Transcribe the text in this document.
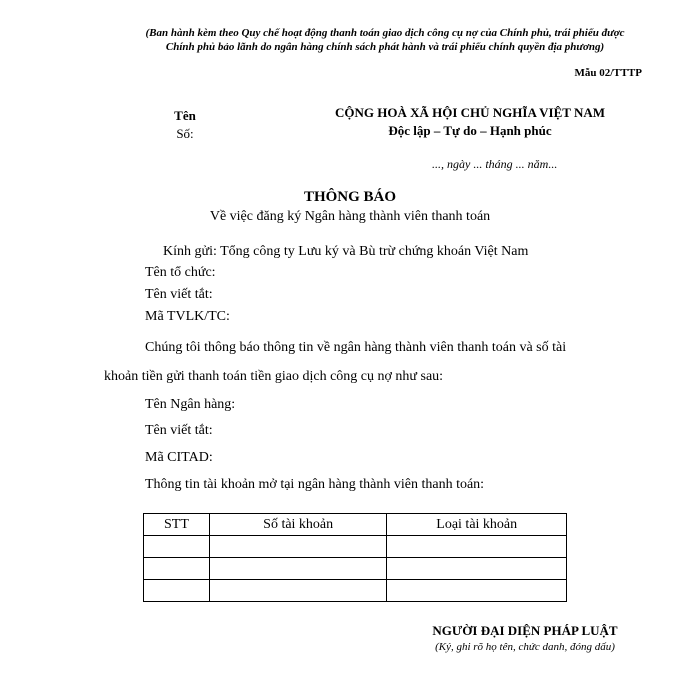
(Ban hành kèm theo Quy chế hoạt động thanh toán giao dịch công cụ nợ của Chính phủ, trái phiếu được
Chính phủ bảo lãnh do ngân hàng chính sách phát hành và trái phiếu chính quyền địa phương)
Mẫu 02/TTTP
Tên
Số:
CỘNG HOÀ XÃ HỘI CHỦ NGHĨA VIỆT NAM
Độc lập – Tự do – Hạnh phúc
..., ngày ... tháng ... năm...
THÔNG BÁO
Về việc đăng ký Ngân hàng thành viên thanh toán
Kính gửi: Tổng công ty Lưu ký và Bù trừ chứng khoán Việt Nam
Tên tổ chức:
Tên viết tắt:
Mã TVLK/TC:
Chúng tôi thông báo thông tin về ngân hàng thành viên thanh toán và số tài
khoản tiền gửi thanh toán tiền giao dịch công cụ nợ như sau:
Tên Ngân hàng:
Tên viết tắt:
Mã CITAD:
Thông tin tài khoản mở tại ngân hàng thành viên thanh toán:
STT	Số tài khoản	Loại tài khoản

NGƯỜI ĐẠI DIỆN PHÁP LUẬT
(Ký, ghi rõ họ tên, chức danh, đóng dấu)
